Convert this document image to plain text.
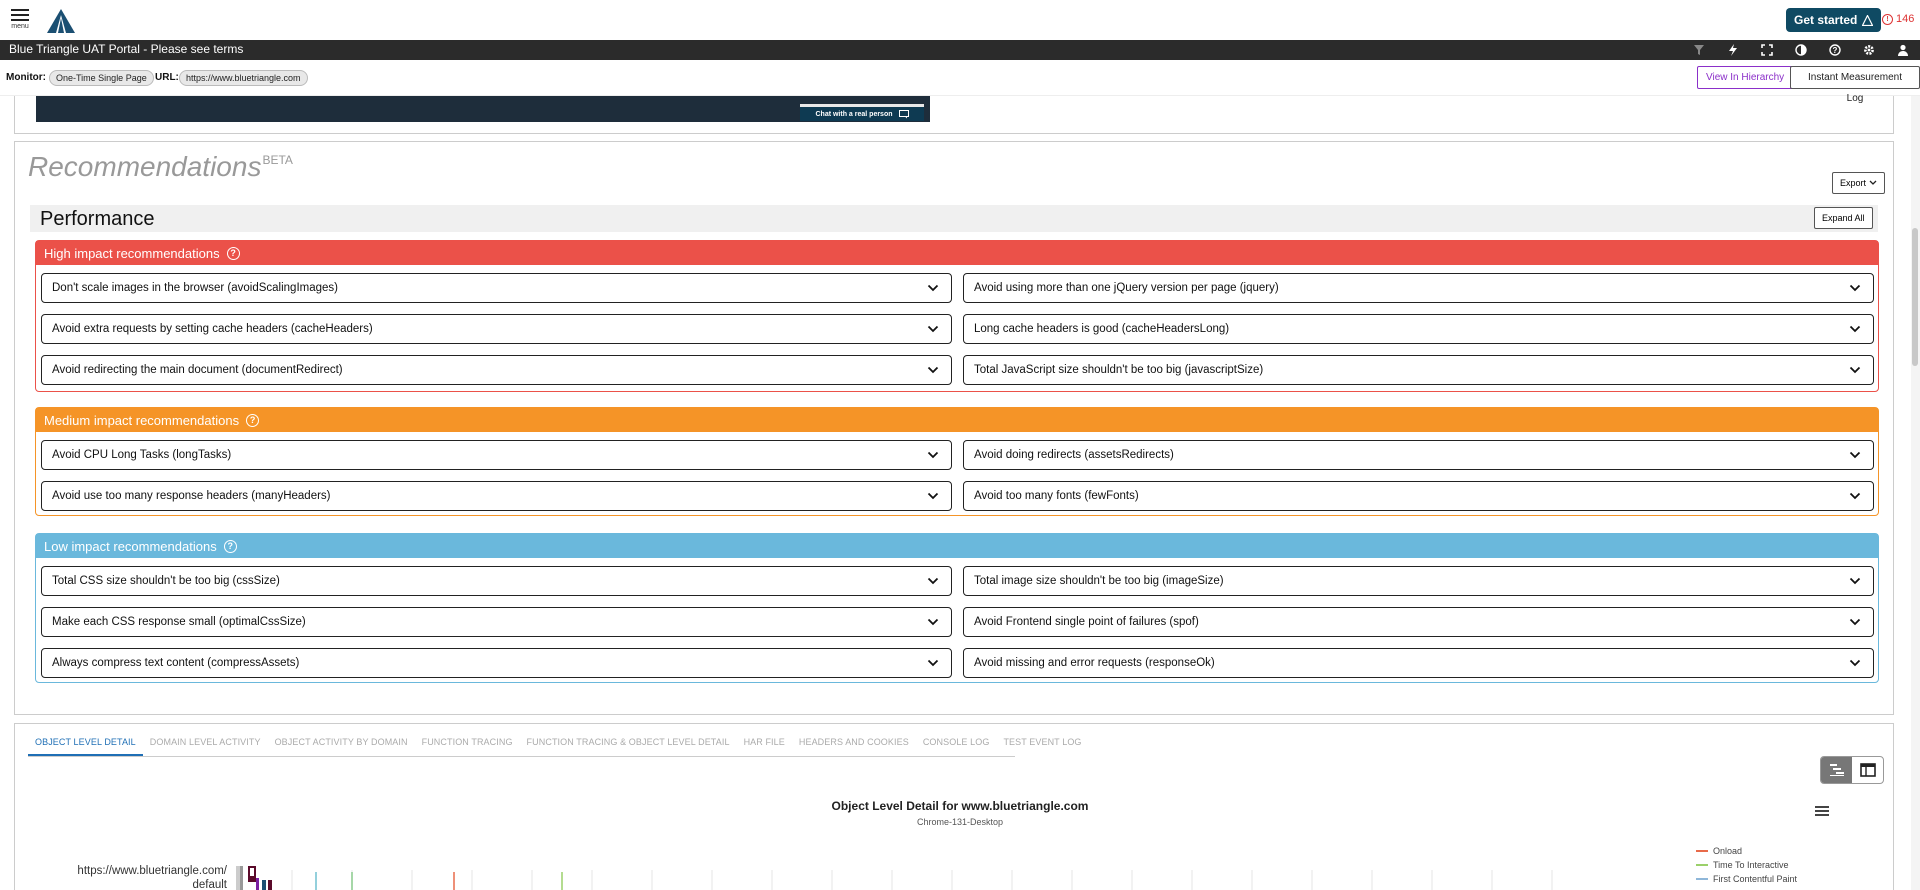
menu	Get started	! 146
Blue Triangle UAT Portal - Please see terms	?
Monitor:	One-Time Single Page URL: https://www.bluetriangle.com	View In Hierarchy	Instant Measurement Log
Chat with a real person
Recommendations$^{BETA}$
Export
Performance	Expand All
High impact recommendations	?
Don't scale images in the browser (avoidScalingImages)	Avoid using more than one jQuery version per page (jquery)
Avoid extra requests by setting cache headers (cacheHeaders)	Long cache headers is good (cacheHeadersLong)
Avoid redirecting the main document (documentRedirect)	Total JavaScript size shouldn't be too big (javascriptSize)
Medium impact recommendations	?
Avoid CPU Long Tasks (longTasks)	Avoid doing redirects (assetsRedirects)
Avoid use too many response headers (manyHeaders)	Avoid too many fonts (fewFonts)
Low impact recommendations	?
Total CSS size shouldn't be too big (cssSize)	Total image size shouldn't be too big (imageSize)
Make each CSS response small (optimalCssSize)	Avoid Frontend single point of failures (spof)
Always compress text content (compressAssets)	Avoid missing and error requests (responseOk)
OBJECT LEVEL DETAIL	DOMAIN LEVEL ACTIVITY	OBJECT ACTIVITY BY DOMAIN	FUNCTION TRACING	FUNCTION TRACING & OBJECT LEVEL DETAIL	HAR FILE	HEADERS AND COOKIES	CONSOLE LOG	TEST EVENT LOG
Object Level Detail for www.bluetriangle.com
Chrome-131-Desktop
https://www.bluetriangle.com/
default
Onload
Time To Interactive
First Contentful Paint
